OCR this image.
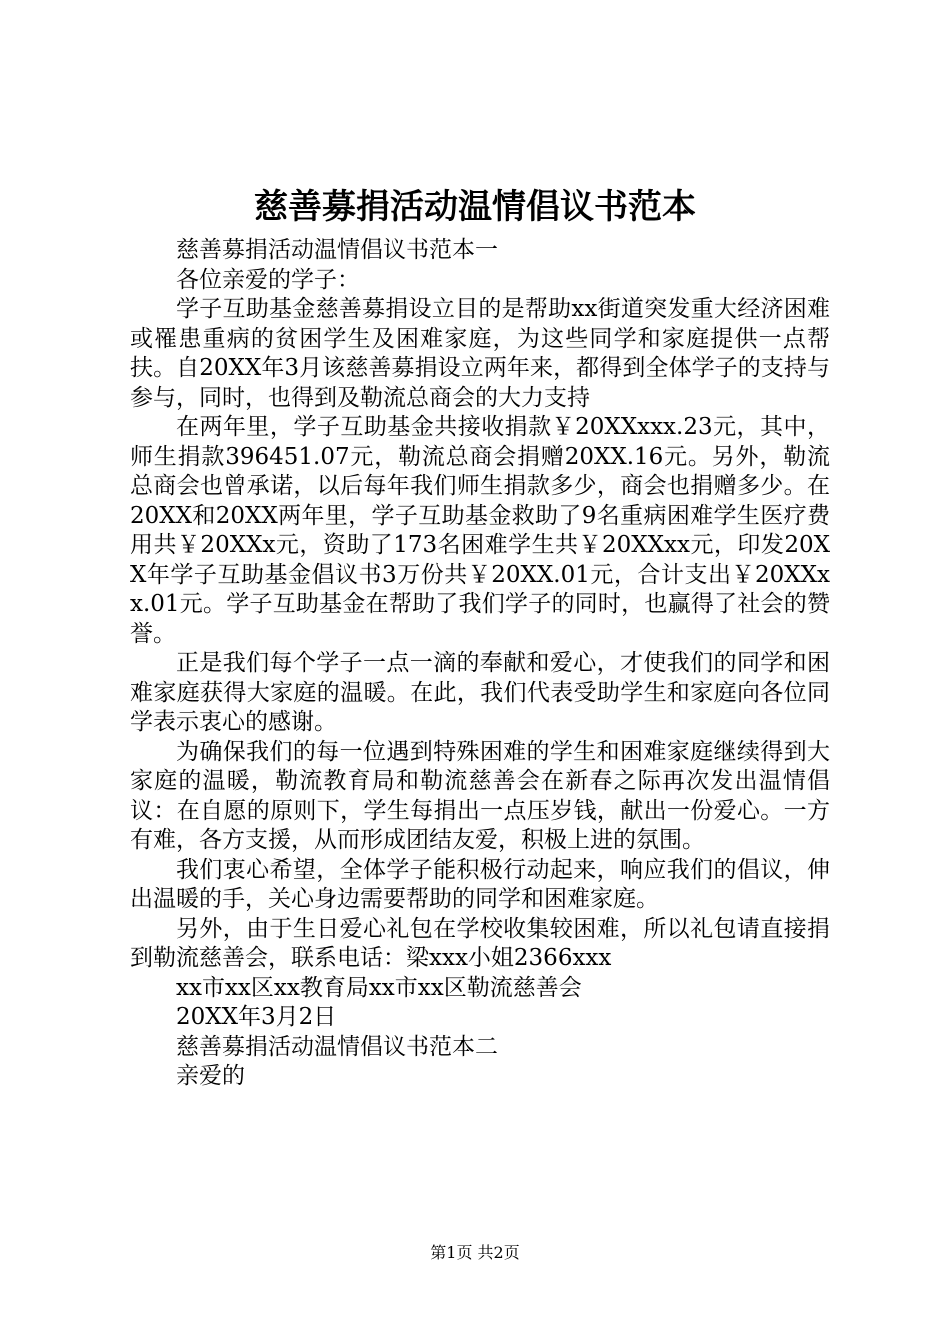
慈善募捐活动温情倡议书范本

慈善募捐活动温情倡议书范本一

各位亲爱的学子：

学子互助基金慈善募捐设立目的是帮助xx街道突发重大经济困难或罹患重病的贫困学生及困难家庭，为这些同学和家庭提供一点帮扶。自20XX年3月该慈善募捐设立两年来，都得到全体学子的支持与参与，同时，也得到及勒流总商会的大力支持

在两年里，学子互助基金共接收捐款￥20XXxxx.23元，其中，师生捐款396451.07元，勒流总商会捐赠20XX.16元。另外，勒流总商会也曾承诺，以后每年我们师生捐款多少，商会也捐赠多少。在20XX和20XX两年里，学子互助基金救助了9名重病困难学生医疗费用共￥20XXx元，资助了173名困难学生共￥20XXxx元，印发20XX年学子互助基金倡议书3万份共￥20XX.01元，合计支出￥20XXxx.01元。学子互助基金在帮助了我们学子的同时，也赢得了社会的赞誉。

正是我们每个学子一点一滴的奉献和爱心，才使我们的同学和困难家庭获得大家庭的温暖。在此，我们代表受助学生和家庭向各位同学表示衷心的感谢。

为确保我们的每一位遇到特殊困难的学生和困难家庭继续得到大家庭的温暖，勒流教育局和勒流慈善会在新春之际再次发出温情倡议：在自愿的原则下，学生每捐出一点压岁钱，献出一份爱心。一方有难，各方支援，从而形成团结友爱，积极上进的氛围。

我们衷心希望，全体学子能积极行动起来，响应我们的倡议，伸出温暖的手，关心身边需要帮助的同学和困难家庭。

另外，由于生日爱心礼包在学校收集较困难，所以礼包请直接捐到勒流慈善会，联系电话：梁xxx小姐2366xxx

xx市xx区xx教育局xx市xx区勒流慈善会

20XX年3月2日

慈善募捐活动温情倡议书范本二

亲爱的

第1页 共2页
